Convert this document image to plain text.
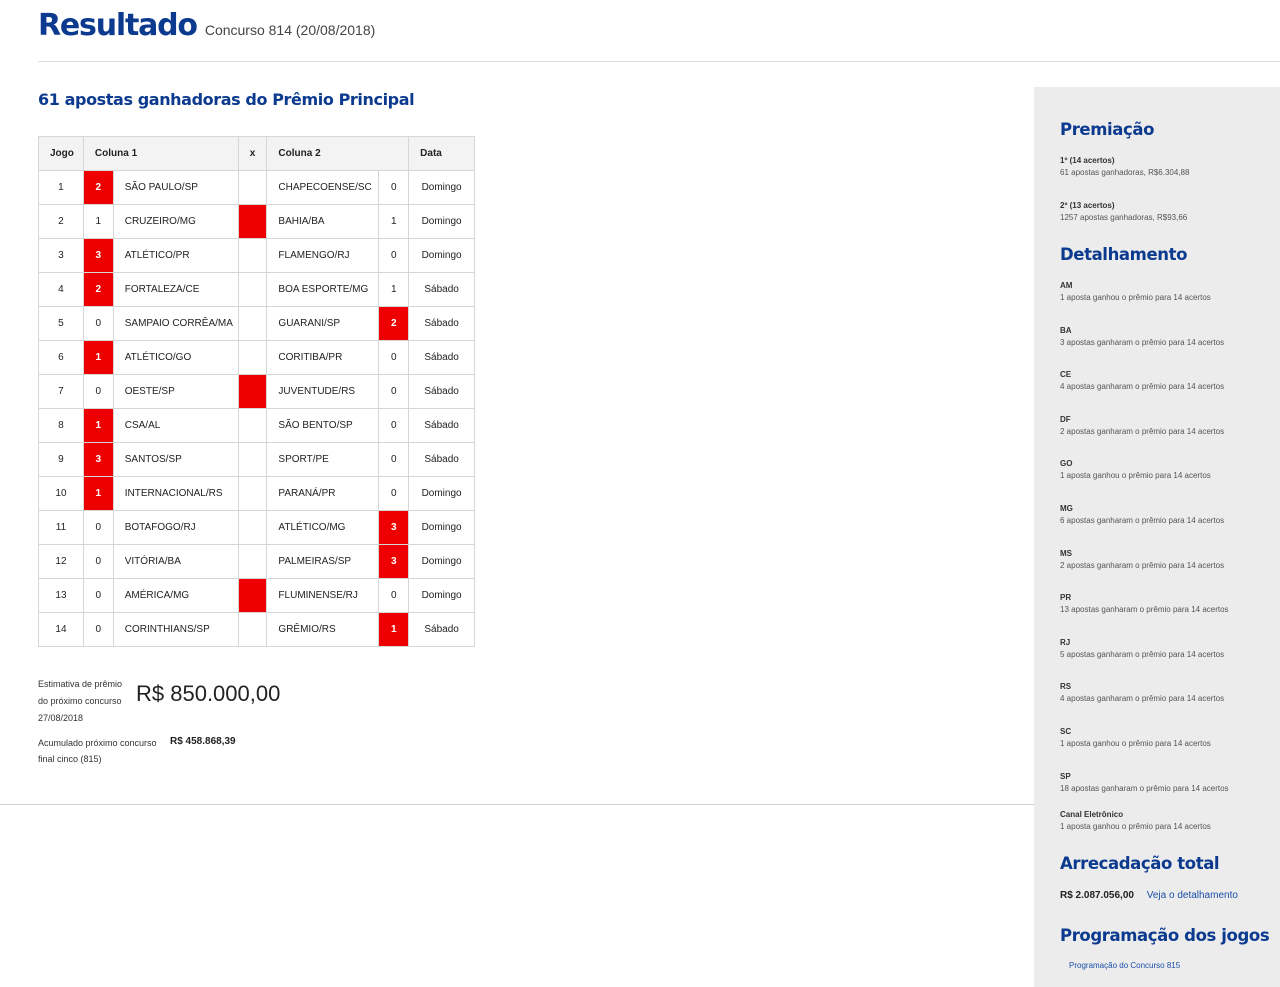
Resultado Concurso 814 (20/08/2018)
61 apostas ganhadoras do Prêmio Principal
Jogo	Coluna 1		x	Coluna 2		Data
1	2	SÃO PAULO/SP		CHAPECOENSE/SC	0	Domingo
2	1	CRUZEIRO/MG		BAHIA/BA	1	Domingo
3	3	ATLÉTICO/PR		FLAMENGO/RJ	0	Domingo
4	2	FORTALEZA/CE		BOA ESPORTE/MG	1	Sábado
5	0	SAMPAIO CORRÊA/MA		GUARANI/SP	2	Sábado
6	1	ATLÉTICO/GO		CORITIBA/PR	0	Sábado
7	0	OESTE/SP		JUVENTUDE/RS	0	Sábado
8	1	CSA/AL		SÃO BENTO/SP	0	Sábado
9	3	SANTOS/SP		SPORT/PE	0	Sábado
10	1	INTERNACIONAL/RS		PARANÁ/PR	0	Domingo
11	0	BOTAFOGO/RJ		ATLÉTICO/MG	3	Domingo
12	0	VITÓRIA/BA		PALMEIRAS/SP	3	Domingo
13	0	AMÉRICA/MG		FLUMINENSE/RJ	0	Domingo
14	0	CORINTHIANS/SP		GRÊMIO/RS	1	Sábado
Estimativa de prêmio
do próximo concurso
27/08/2018
R$ 850.000,00
Acumulado próximo concurso
final cinco (815)
R$ 458.868,39
Premiação
1º (14 acertos)
61 apostas ganhadoras, R$6.304,88
2º (13 acertos)
1257 apostas ganhadoras, R$93,66
Detalhamento
AM
1 aposta ganhou o prêmio para 14 acertos
BA
3 apostas ganharam o prêmio para 14 acertos
CE
4 apostas ganharam o prêmio para 14 acertos
DF
2 apostas ganharam o prêmio para 14 acertos
GO
1 aposta ganhou o prêmio para 14 acertos
MG
6 apostas ganharam o prêmio para 14 acertos
MS
2 apostas ganharam o prêmio para 14 acertos
PR
13 apostas ganharam o prêmio para 14 acertos
RJ
5 apostas ganharam o prêmio para 14 acertos
RS
4 apostas ganharam o prêmio para 14 acertos
SC
1 aposta ganhou o prêmio para 14 acertos
SP
18 apostas ganharam o prêmio para 14 acertos
Canal Eletrônico
1 aposta ganhou o prêmio para 14 acertos
Arrecadação total
R$ 2.087.056,00 Veja o detalhamento
Programação dos jogos
Programação do Concurso 815
